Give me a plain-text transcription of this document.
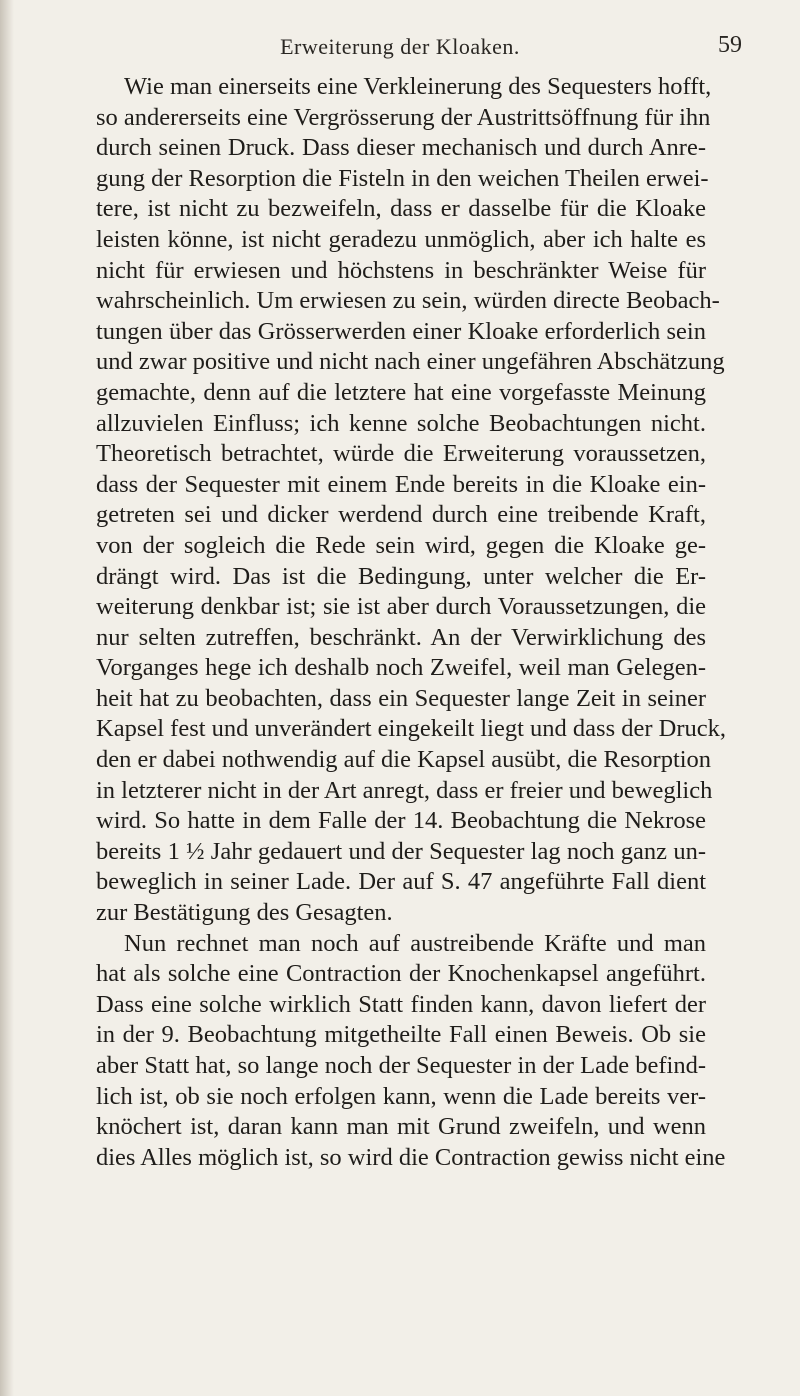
Erweiterung der Kloaken.	59
Wie man einerseits eine Verkleinerung des Sequesters hofft,
so andererseits eine Vergrösserung der Austrittsöffnung für ihn
durch seinen Druck. Dass dieser mechanisch und durch Anre-
gung der Resorption die Fisteln in den weichen Theilen erwei-
tere, ist nicht zu bezweifeln, dass er dasselbe für die Kloake
leisten könne, ist nicht geradezu unmöglich, aber ich halte es
nicht für erwiesen und höchstens in beschränkter Weise für
wahrscheinlich. Um erwiesen zu sein, würden directe Beobach-
tungen über das Grösserwerden einer Kloake erforderlich sein
und zwar positive und nicht nach einer ungefähren Abschätzung
gemachte, denn auf die letztere hat eine vorgefasste Meinung
allzuvielen Einfluss; ich kenne solche Beobachtungen nicht.
Theoretisch betrachtet, würde die Erweiterung voraussetzen,
dass der Sequester mit einem Ende bereits in die Kloake ein-
getreten sei und dicker werdend durch eine treibende Kraft,
von der sogleich die Rede sein wird, gegen die Kloake ge-
drängt wird. Das ist die Bedingung, unter welcher die Er-
weiterung denkbar ist; sie ist aber durch Voraussetzungen, die
nur selten zutreffen, beschränkt. An der Verwirklichung des
Vorganges hege ich deshalb noch Zweifel, weil man Gelegen-
heit hat zu beobachten, dass ein Sequester lange Zeit in seiner
Kapsel fest und unverändert eingekeilt liegt und dass der Druck,
den er dabei nothwendig auf die Kapsel ausübt, die Resorption
in letzterer nicht in der Art anregt, dass er freier und beweglich
wird. So hatte in dem Falle der 14. Beobachtung die Nekrose
bereits 1 ½ Jahr gedauert und der Sequester lag noch ganz un-
beweglich in seiner Lade. Der auf S. 47 angeführte Fall dient
zur Bestätigung des Gesagten.
Nun rechnet man noch auf austreibende Kräfte und man
hat als solche eine Contraction der Knochenkapsel angeführt.
Dass eine solche wirklich Statt finden kann, davon liefert der
in der 9. Beobachtung mitgetheilte Fall einen Beweis. Ob sie
aber Statt hat, so lange noch der Sequester in der Lade befind-
lich ist, ob sie noch erfolgen kann, wenn die Lade bereits ver-
knöchert ist, daran kann man mit Grund zweifeln, und wenn
dies Alles möglich ist, so wird die Contraction gewiss nicht eine
